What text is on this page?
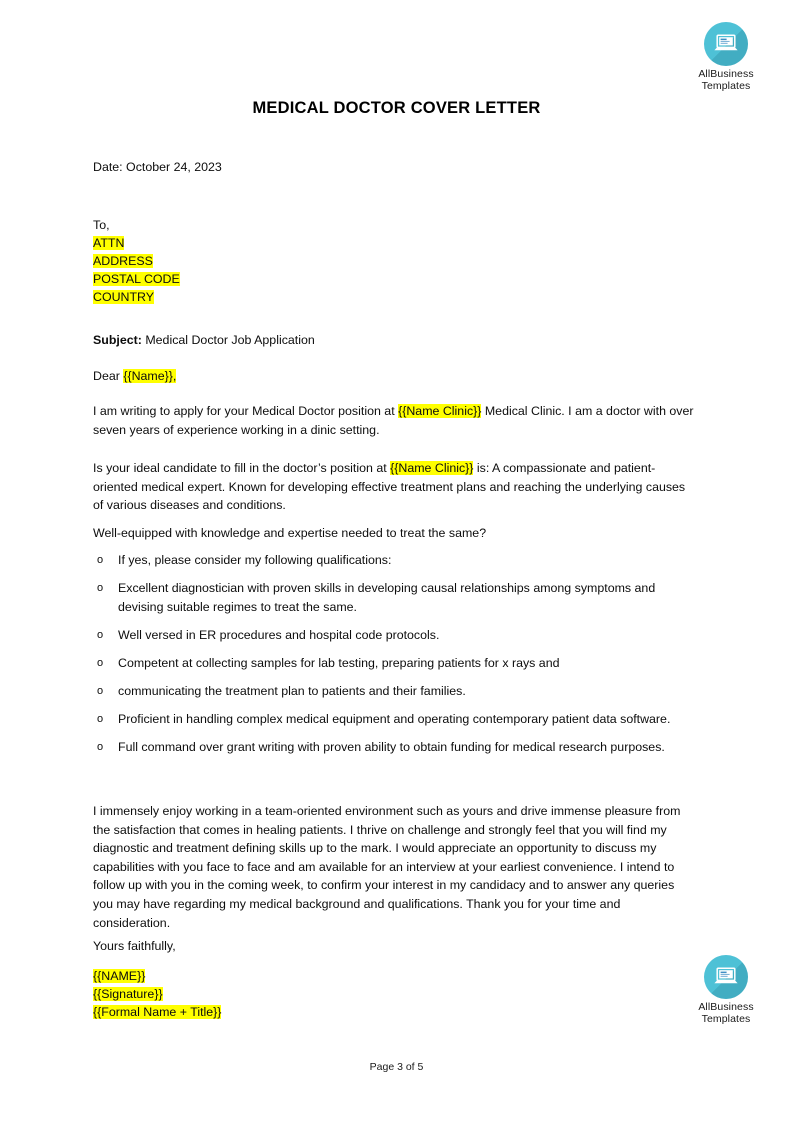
AllBusiness
Templates
MEDICAL DOCTOR COVER LETTER
Date: October 24, 2023
To,
ATTN
ADDRESS
POSTAL CODE
COUNTRY
Subject: Medical Doctor Job Application
Dear {{Name}},
I am writing to apply for your Medical Doctor position at {{Name Clinic}} Medical Clinic. I am a doctor with over seven years of experience working in a dinic setting.
Is your ideal candidate to fill in the doctor’s position at {{Name Clinic}} is: A compassionate and patient-oriented medical expert. Known for developing effective treatment plans and reaching the underlying causes of various diseases and conditions.
Well-equipped with knowledge and expertise needed to treat the same?
o If yes, please consider my following qualifications:
o Excellent diagnostician with proven skills in developing causal relationships among symptoms and devising suitable regimes to treat the same.
o Well versed in ER procedures and hospital code protocols.
o Competent at collecting samples for lab testing, preparing patients for x rays and
o communicating the treatment plan to patients and their families.
o Proficient in handling complex medical equipment and operating contemporary patient data software.
o Full command over grant writing with proven ability to obtain funding for medical research purposes.
I immensely enjoy working in a team-oriented environment such as yours and drive immense pleasure from the satisfaction that comes in healing patients. I thrive on challenge and strongly feel that you will find my diagnostic and treatment defining skills up to the mark. I would appreciate an opportunity to discuss my capabilities with you face to face and am available for an interview at your earliest convenience. I intend to follow up with you in the coming week, to confirm your interest in my candidacy and to answer any queries you may have regarding my medical background and qualifications. Thank you for your time and consideration.
Yours faithfully,
{{NAME}}
{{Signature}}
{{Formal Name + Title}}	AllBusiness
Templates
Page 3 of 5
